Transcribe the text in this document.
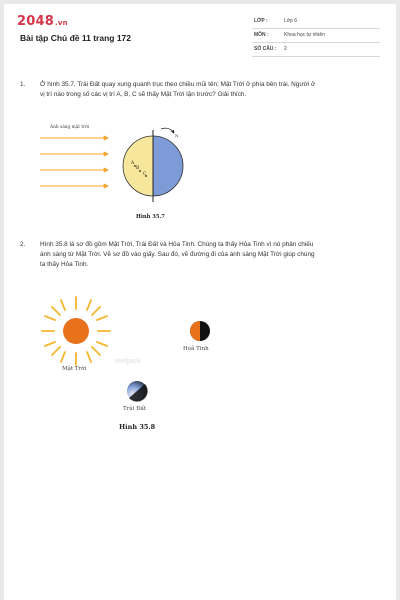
2048.vn
Bài tập Chủ đề 11 trang 172
LỚP :	Lớp 6
MÔN :	Khoa học tự nhiên
SỐ CÂU : 2
1. Ở hình 35.7, Trái Đất quay xung quanh trục theo chiều mũi tên; Mặt Trời ở phía bên trái. Người ở
vị trí nào trong số các vị trí A, B, C sẽ thấy Mặt Trời lặn trước? Giải thích.
Ánh sáng mặt trời
N
A
B
C
Hình 35.7
2. Hình 35.8 là sơ đồ gồm Mặt Trời, Trái Đất và Hỏa Tinh. Chúng ta thấy Hỏa Tinh vì nó phản chiếu
ánh sáng từ Mặt Trời. Vẽ sơ đồ vào giấy. Sau đó, vẽ đường đi của ánh sáng Mặt Trời giúp chúng
ta thấy Hỏa Tinh.
Mặt Trời
Hoả Tinh
vietjack
Trái Đất
Hình 35.8
